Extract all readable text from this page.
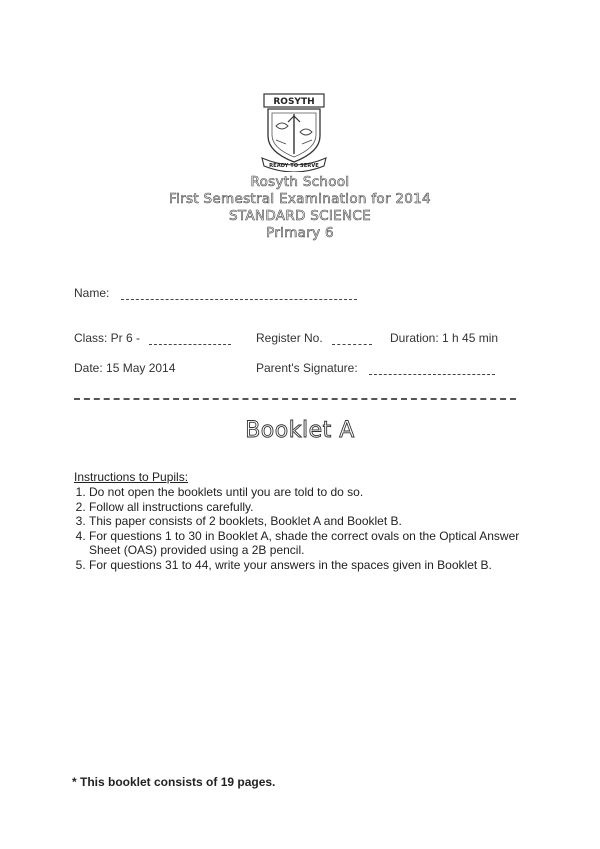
ROSYTH
READY TO SERVE
Rosyth School
First Semestral Examination for 2014
STANDARD SCIENCE
Primary 6
Name:
Class: Pr 6 -	Register No.	Duration: 1 h 45 min
Date: 15 May 2014	Parent's Signature:
Booklet A
Instructions to Pupils:
1. Do not open the booklets until you are told to do so.
2. Follow all instructions carefully.
3. This paper consists of 2 booklets, Booklet A and Booklet B.
4. For questions 1 to 30 in Booklet A, shade the correct ovals on the Optical Answer Sheet (OAS) provided using a 2B pencil.
5. For questions 31 to 44, write your answers in the spaces given in Booklet B.
* This booklet consists of 19 pages.
